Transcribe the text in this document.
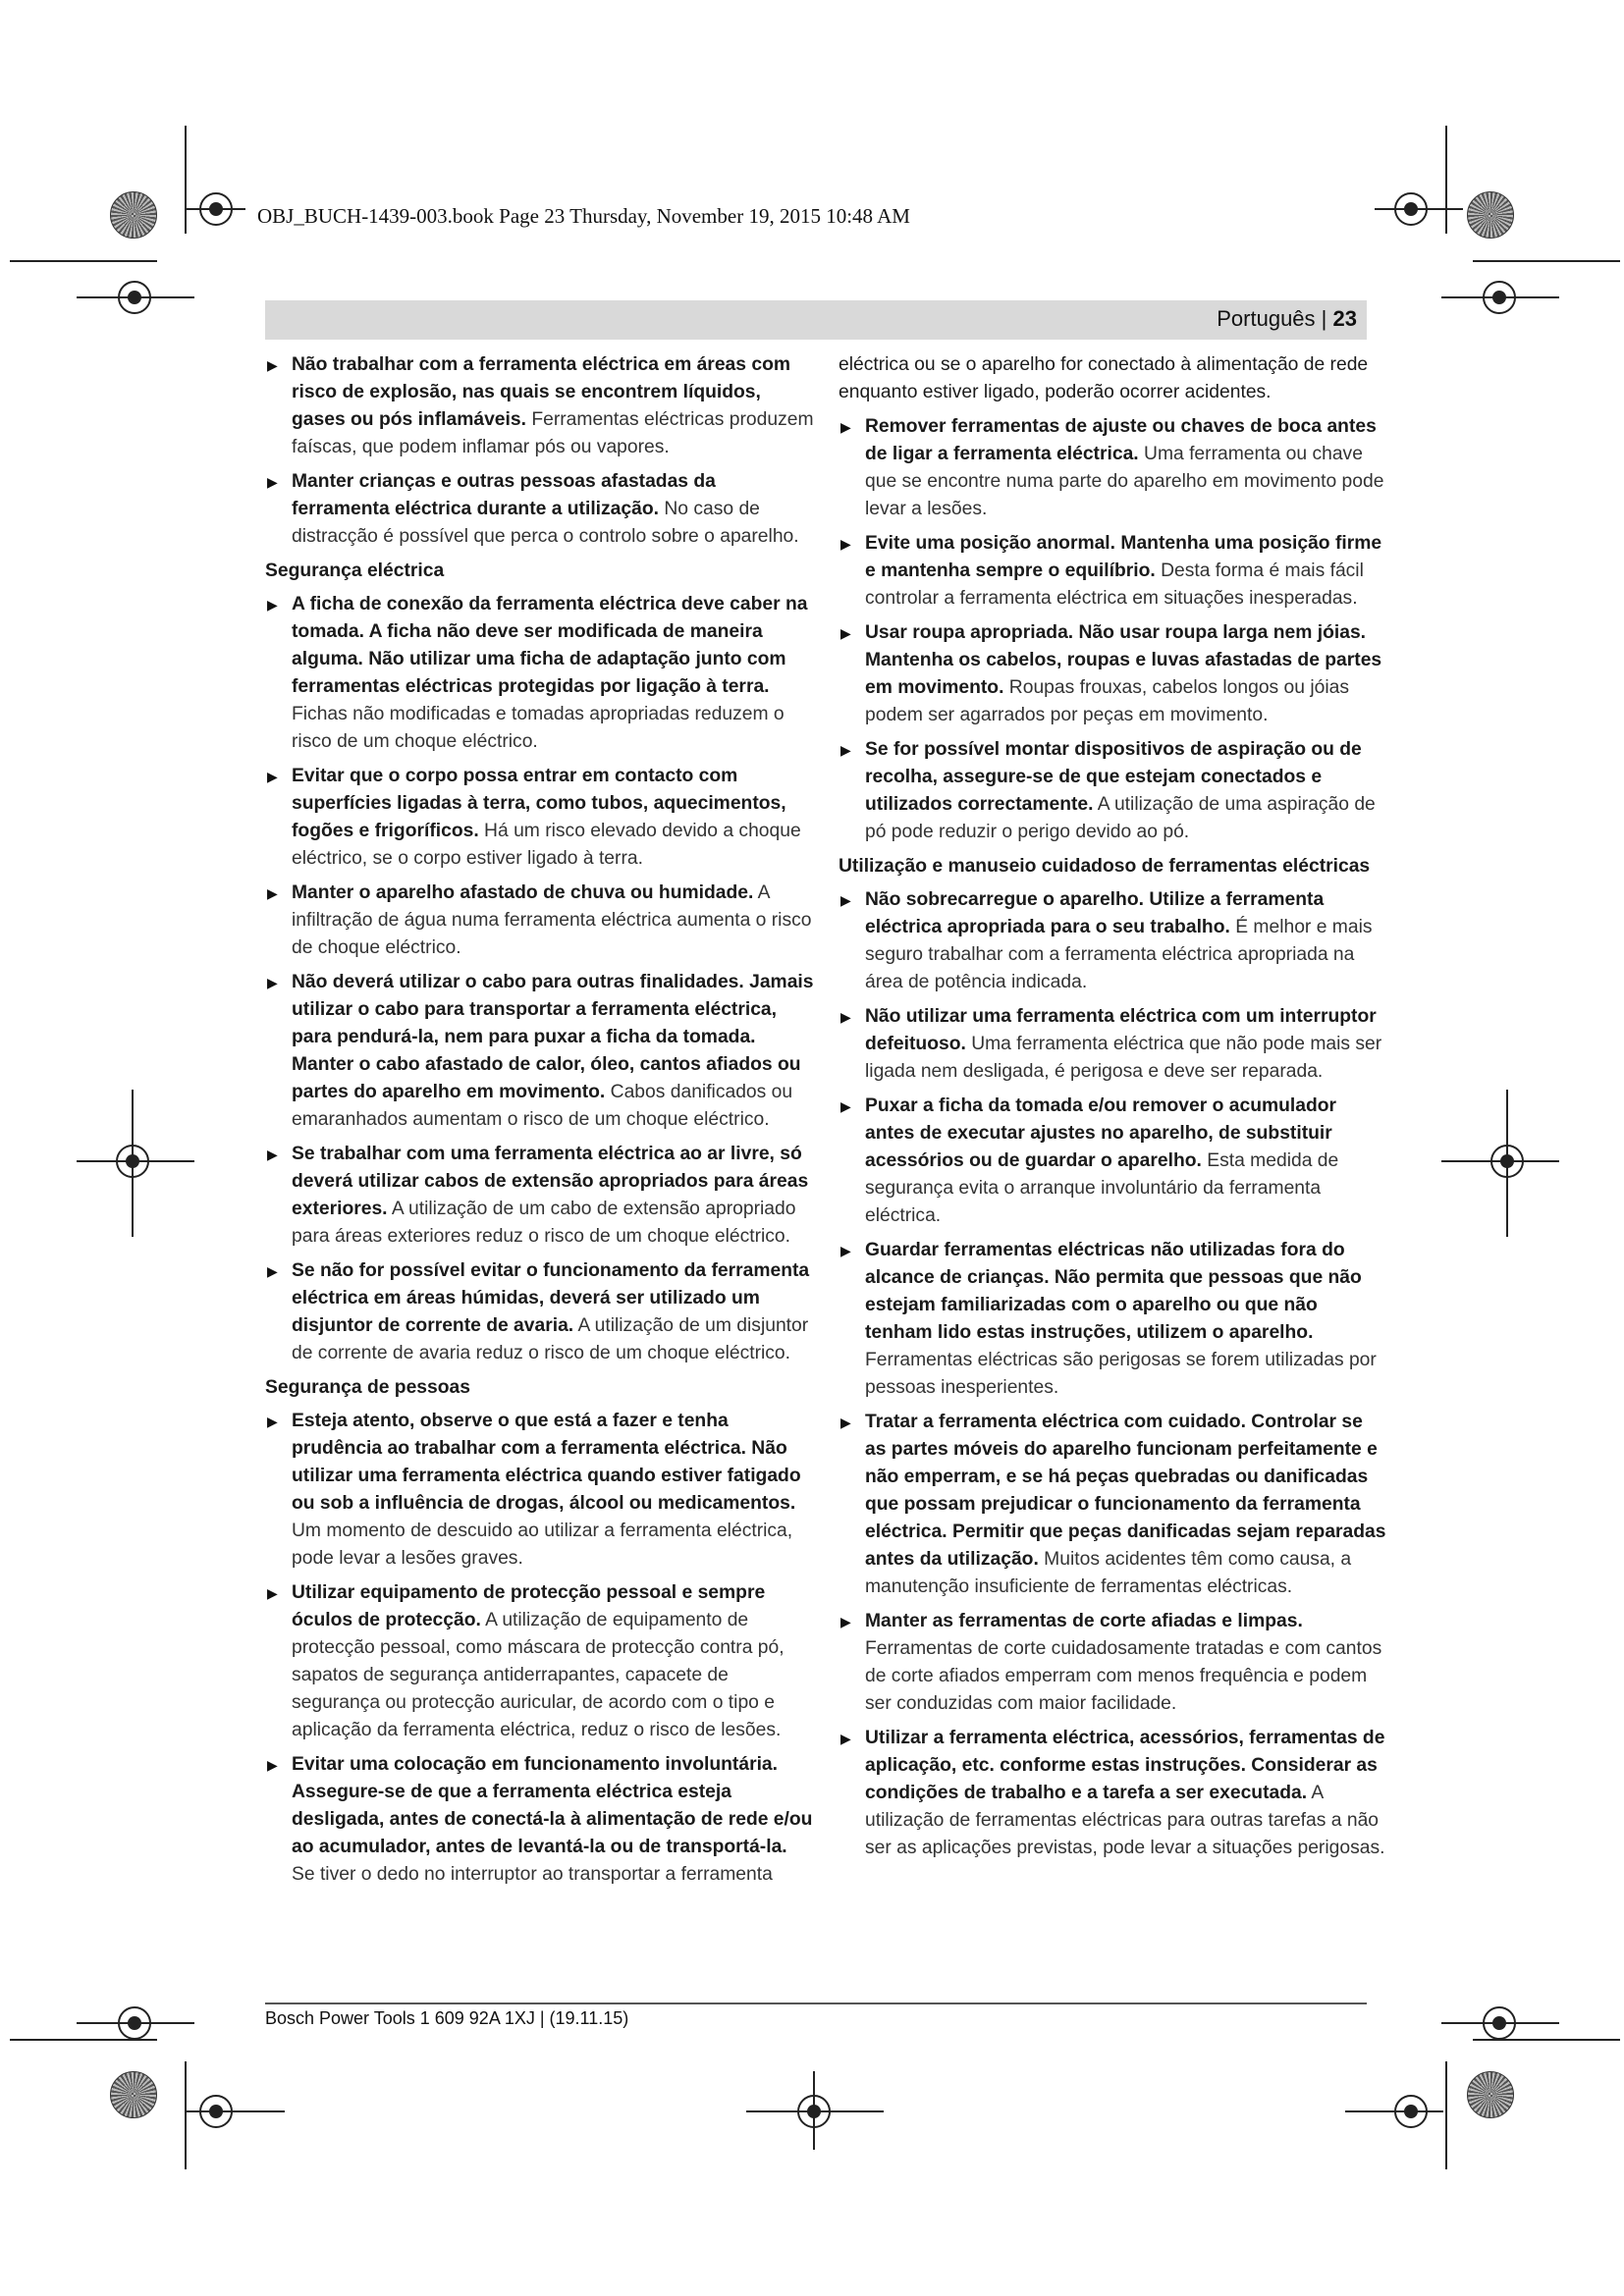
OBJ_BUCH-1439-003.book Page 23 Thursday, November 19, 2015 10:48 AM
Português | 23
▶ Não trabalhar com a ferramenta eléctrica em áreas com risco de explosão, nas quais se encontrem líquidos, gases ou pós inflamáveis. Ferramentas eléctricas produzem faíscas, que podem inflamar pós ou vapores.
▶ Manter crianças e outras pessoas afastadas da ferramenta eléctrica durante a utilização. No caso de distracção é possível que perca o controlo sobre o aparelho.
Segurança eléctrica
▶ A ficha de conexão da ferramenta eléctrica deve caber na tomada. A ficha não deve ser modificada de maneira alguma. Não utilizar uma ficha de adaptação junto com ferramentas eléctricas protegidas por ligação à terra. Fichas não modificadas e tomadas apropriadas reduzem o risco de um choque eléctrico.
▶ Evitar que o corpo possa entrar em contacto com superfícies ligadas à terra, como tubos, aquecimentos, fogões e frigoríficos. Há um risco elevado devido a choque eléctrico, se o corpo estiver ligado à terra.
▶ Manter o aparelho afastado de chuva ou humidade. A infiltração de água numa ferramenta eléctrica aumenta o risco de choque eléctrico.
▶ Não deverá utilizar o cabo para outras finalidades. Jamais utilizar o cabo para transportar a ferramenta eléctrica, para pendurá-la, nem para puxar a ficha da tomada. Manter o cabo afastado de calor, óleo, cantos afiados ou partes do aparelho em movimento. Cabos danificados ou emaranhados aumentam o risco de um choque eléctrico.
▶ Se trabalhar com uma ferramenta eléctrica ao ar livre, só deverá utilizar cabos de extensão apropriados para áreas exteriores. A utilização de um cabo de extensão apropriado para áreas exteriores reduz o risco de um choque eléctrico.
▶ Se não for possível evitar o funcionamento da ferramenta eléctrica em áreas húmidas, deverá ser utilizado um disjuntor de corrente de avaria. A utilização de um disjuntor de corrente de avaria reduz o risco de um choque eléctrico.
Segurança de pessoas
▶ Esteja atento, observe o que está a fazer e tenha prudência ao trabalhar com a ferramenta eléctrica. Não utilizar uma ferramenta eléctrica quando estiver fatigado ou sob a influência de drogas, álcool ou medicamentos. Um momento de descuido ao utilizar a ferramenta eléctrica, pode levar a lesões graves.
▶ Utilizar equipamento de protecção pessoal e sempre óculos de protecção. A utilização de equipamento de protecção pessoal, como máscara de protecção contra pó, sapatos de segurança antiderrapantes, capacete de segurança ou protecção auricular, de acordo com o tipo e aplicação da ferramenta eléctrica, reduz o risco de lesões.
▶ Evitar uma colocação em funcionamento involuntária. Assegure-se de que a ferramenta eléctrica esteja desligada, antes de conectá-la à alimentação de rede e/ou ao acumulador, antes de levantá-la ou de transportá-la. Se tiver o dedo no interruptor ao transportar a ferramenta
eléctrica ou se o aparelho for conectado à alimentação de rede enquanto estiver ligado, poderão ocorrer acidentes.
▶ Remover ferramentas de ajuste ou chaves de boca antes de ligar a ferramenta eléctrica. Uma ferramenta ou chave que se encontre numa parte do aparelho em movimento pode levar a lesões.
▶ Evite uma posição anormal. Mantenha uma posição firme e mantenha sempre o equilíbrio. Desta forma é mais fácil controlar a ferramenta eléctrica em situações inesperadas.
▶ Usar roupa apropriada. Não usar roupa larga nem jóias. Mantenha os cabelos, roupas e luvas afastadas de partes em movimento. Roupas frouxas, cabelos longos ou jóias podem ser agarrados por peças em movimento.
▶ Se for possível montar dispositivos de aspiração ou de recolha, assegure-se de que estejam conectados e utilizados correctamente. A utilização de uma aspiração de pó pode reduzir o perigo devido ao pó.
Utilização e manuseio cuidadoso de ferramentas eléctricas
▶ Não sobrecarregue o aparelho. Utilize a ferramenta eléctrica apropriada para o seu trabalho. É melhor e mais seguro trabalhar com a ferramenta eléctrica apropriada na área de potência indicada.
▶ Não utilizar uma ferramenta eléctrica com um interruptor defeituoso. Uma ferramenta eléctrica que não pode mais ser ligada nem desligada, é perigosa e deve ser reparada.
▶ Puxar a ficha da tomada e/ou remover o acumulador antes de executar ajustes no aparelho, de substituir acessórios ou de guardar o aparelho. Esta medida de segurança evita o arranque involuntário da ferramenta eléctrica.
▶ Guardar ferramentas eléctricas não utilizadas fora do alcance de crianças. Não permita que pessoas que não estejam familiarizadas com o aparelho ou que não tenham lido estas instruções, utilizem o aparelho. Ferramentas eléctricas são perigosas se forem utilizadas por pessoas inesperientes.
▶ Tratar a ferramenta eléctrica com cuidado. Controlar se as partes móveis do aparelho funcionam perfeitamente e não emperram, e se há peças quebradas ou danificadas que possam prejudicar o funcionamento da ferramenta eléctrica. Permitir que peças danificadas sejam reparadas antes da utilização. Muitos acidentes têm como causa, a manutenção insuficiente de ferramentas eléctricas.
▶ Manter as ferramentas de corte afiadas e limpas. Ferramentas de corte cuidadosamente tratadas e com cantos de corte afiados emperram com menos frequência e podem ser conduzidas com maior facilidade.
▶ Utilizar a ferramenta eléctrica, acessórios, ferramentas de aplicação, etc. conforme estas instruções. Considerar as condições de trabalho e a tarefa a ser executada. A utilização de ferramentas eléctricas para outras tarefas a não ser as aplicações previstas, pode levar a situações perigosas.
Bosch Power Tools 1 609 92A 1XJ | (19.11.15)
